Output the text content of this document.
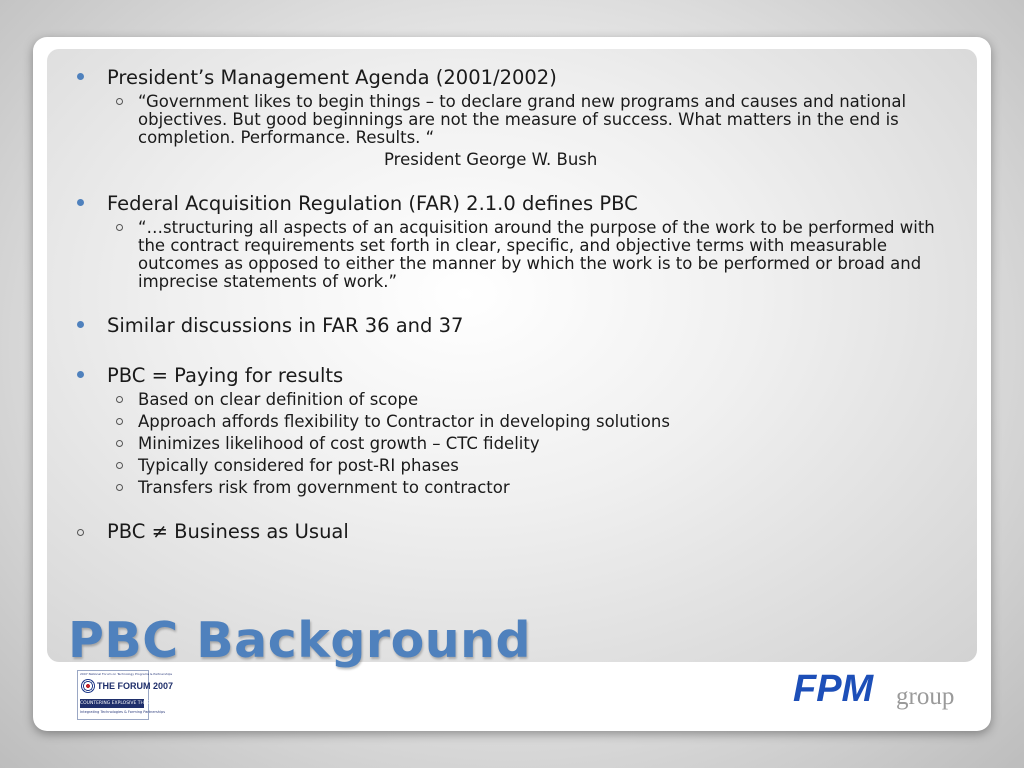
President’s Management Agenda (2001/2002)
“Government likes to begin things – to declare grand new programs and causes and national objectives. But good beginnings are not the measure of success. What matters in the end is completion. Performance. Results. “
President George W. Bush
Federal Acquisition Regulation (FAR) 2.1.0 defines PBC
“…structuring all aspects of an acquisition around the purpose of the work to be performed with the contract requirements set forth in clear, specific, and objective terms with measurable outcomes as opposed to either the manner by which the work is to be performed or broad and imprecise statements of work.”
Similar discussions in FAR 36 and 37
PBC = Paying for results
Based on clear definition of scope
Approach affords flexibility to Contractor in developing solutions
Minimizes likelihood of cost growth – CTC fidelity
Typically considered for post-RI phases
Transfers risk from government to contractor
PBC ≠ Business as Usual
PBC Background
2007 National Forum on Technology Programs & Partnerships
THE FORUM 2007
COUNTERING EXPLOSIVE THREATS
Integrating Technologies & Forming Partnerships
FPM group
